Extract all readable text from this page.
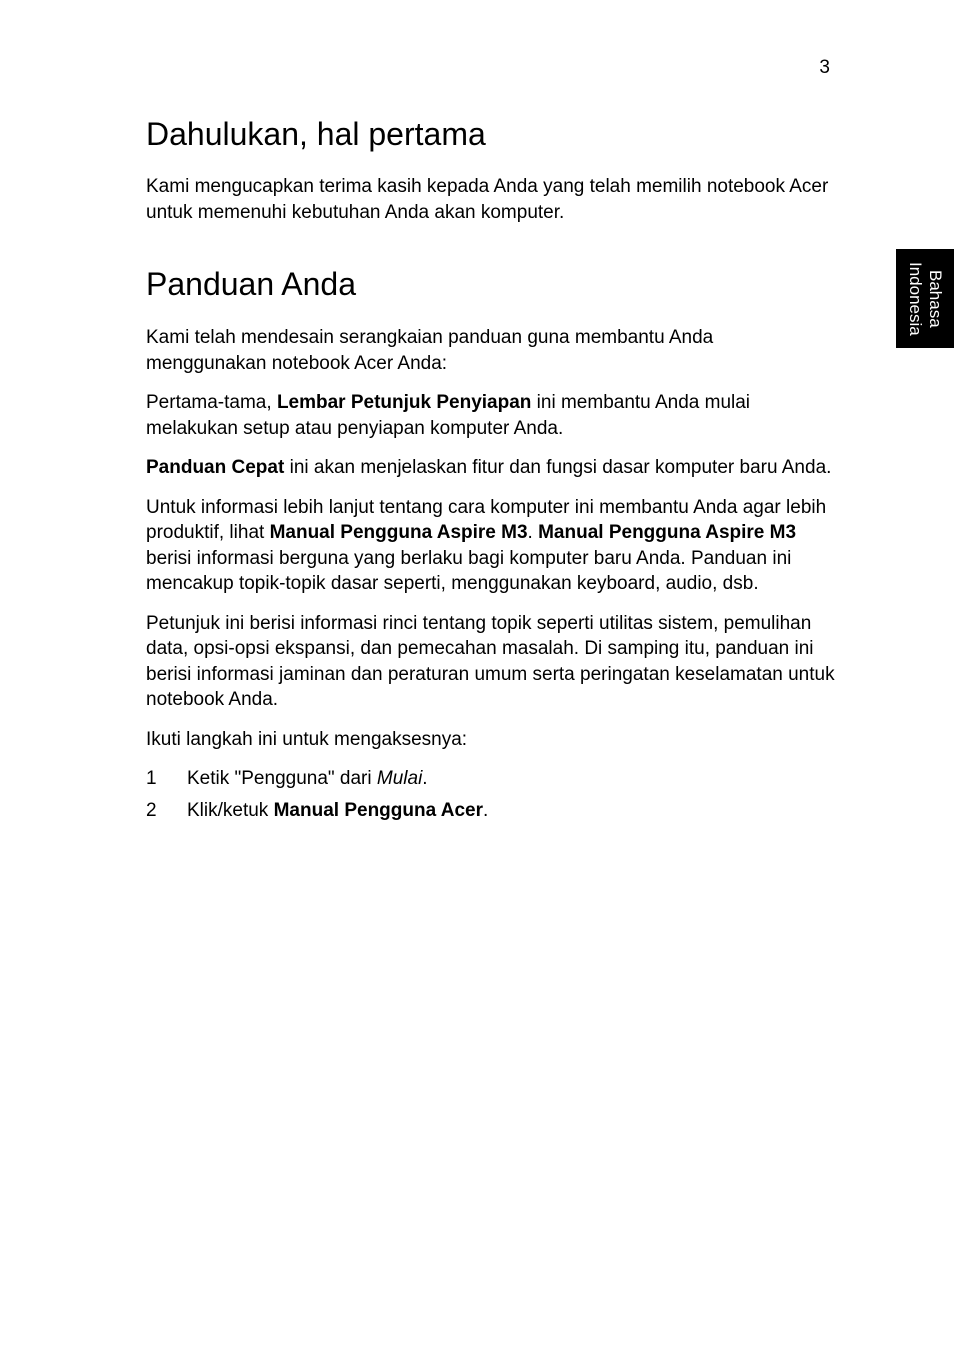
3
Bahasa
Indonesia
Dahulukan, hal pertama

Kami mengucapkan terima kasih kepada Anda yang telah memilih notebook Acer untuk memenuhi kebutuhan Anda akan komputer.

Panduan Anda

Kami telah mendesain serangkaian panduan guna membantu Anda menggunakan notebook Acer Anda:

Pertama-tama, Lembar Petunjuk Penyiapan ini membantu Anda mulai melakukan setup atau penyiapan komputer Anda.

Panduan Cepat ini akan menjelaskan fitur dan fungsi dasar komputer baru Anda.

Untuk informasi lebih lanjut tentang cara komputer ini membantu Anda agar lebih produktif, lihat Manual Pengguna Aspire M3. Manual Pengguna Aspire M3 berisi informasi berguna yang berlaku bagi komputer baru Anda. Panduan ini mencakup topik-topik dasar seperti, menggunakan keyboard, audio, dsb.

Petunjuk ini berisi informasi rinci tentang topik seperti utilitas sistem, pemulihan data, opsi-opsi ekspansi, dan pemecahan masalah. Di samping itu, panduan ini berisi informasi jaminan dan peraturan umum serta peringatan keselamatan untuk notebook Anda.

Ikuti langkah ini untuk mengaksesnya:

1	Ketik "Pengguna" dari Mulai.
2	Klik/ketuk Manual Pengguna Acer.
